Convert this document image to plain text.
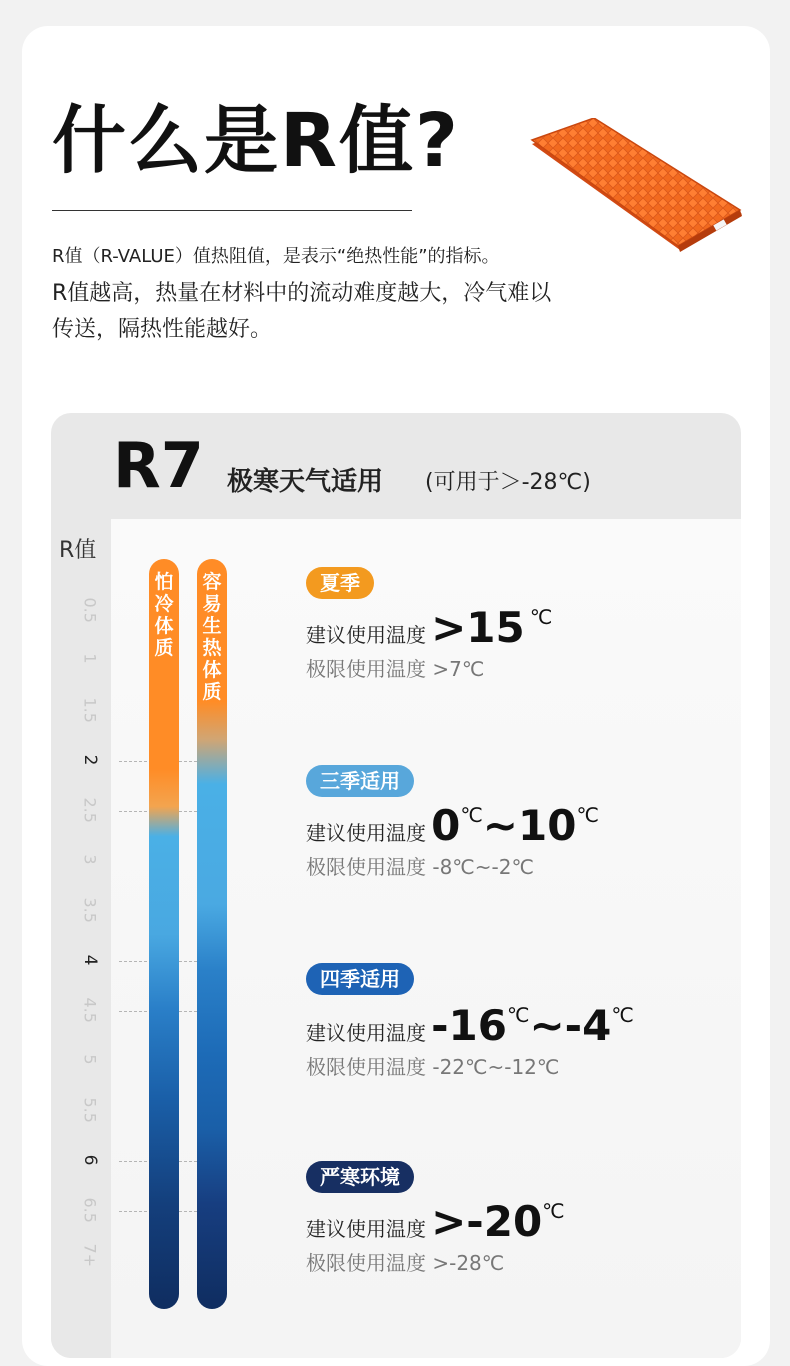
什么是R值?
R值（R-VALUE）值热阻值，是表示“绝热性能”的指标。
R值越高，热量在材料中的流动难度越大，冷气难以
传送，隔热性能越好。
R7 极寒天气适用 (可用于＞-28℃)
R值
0.5
1
1.5
2
2.5
3
3.5
4
4.5
5
5.5
6
6.5
7+
怕
冷
体
质
容
易
生
热
体
质
夏季
建议使用温度 >15 ℃
极限使用温度 >7℃
三季适用
建议使用温度 0℃~10℃
极限使用温度 -8℃~-2℃
四季适用
建议使用温度 -16℃~-4℃
极限使用温度 -22℃~-12℃
严寒环境
建议使用温度 >-20℃
极限使用温度 >-28℃
